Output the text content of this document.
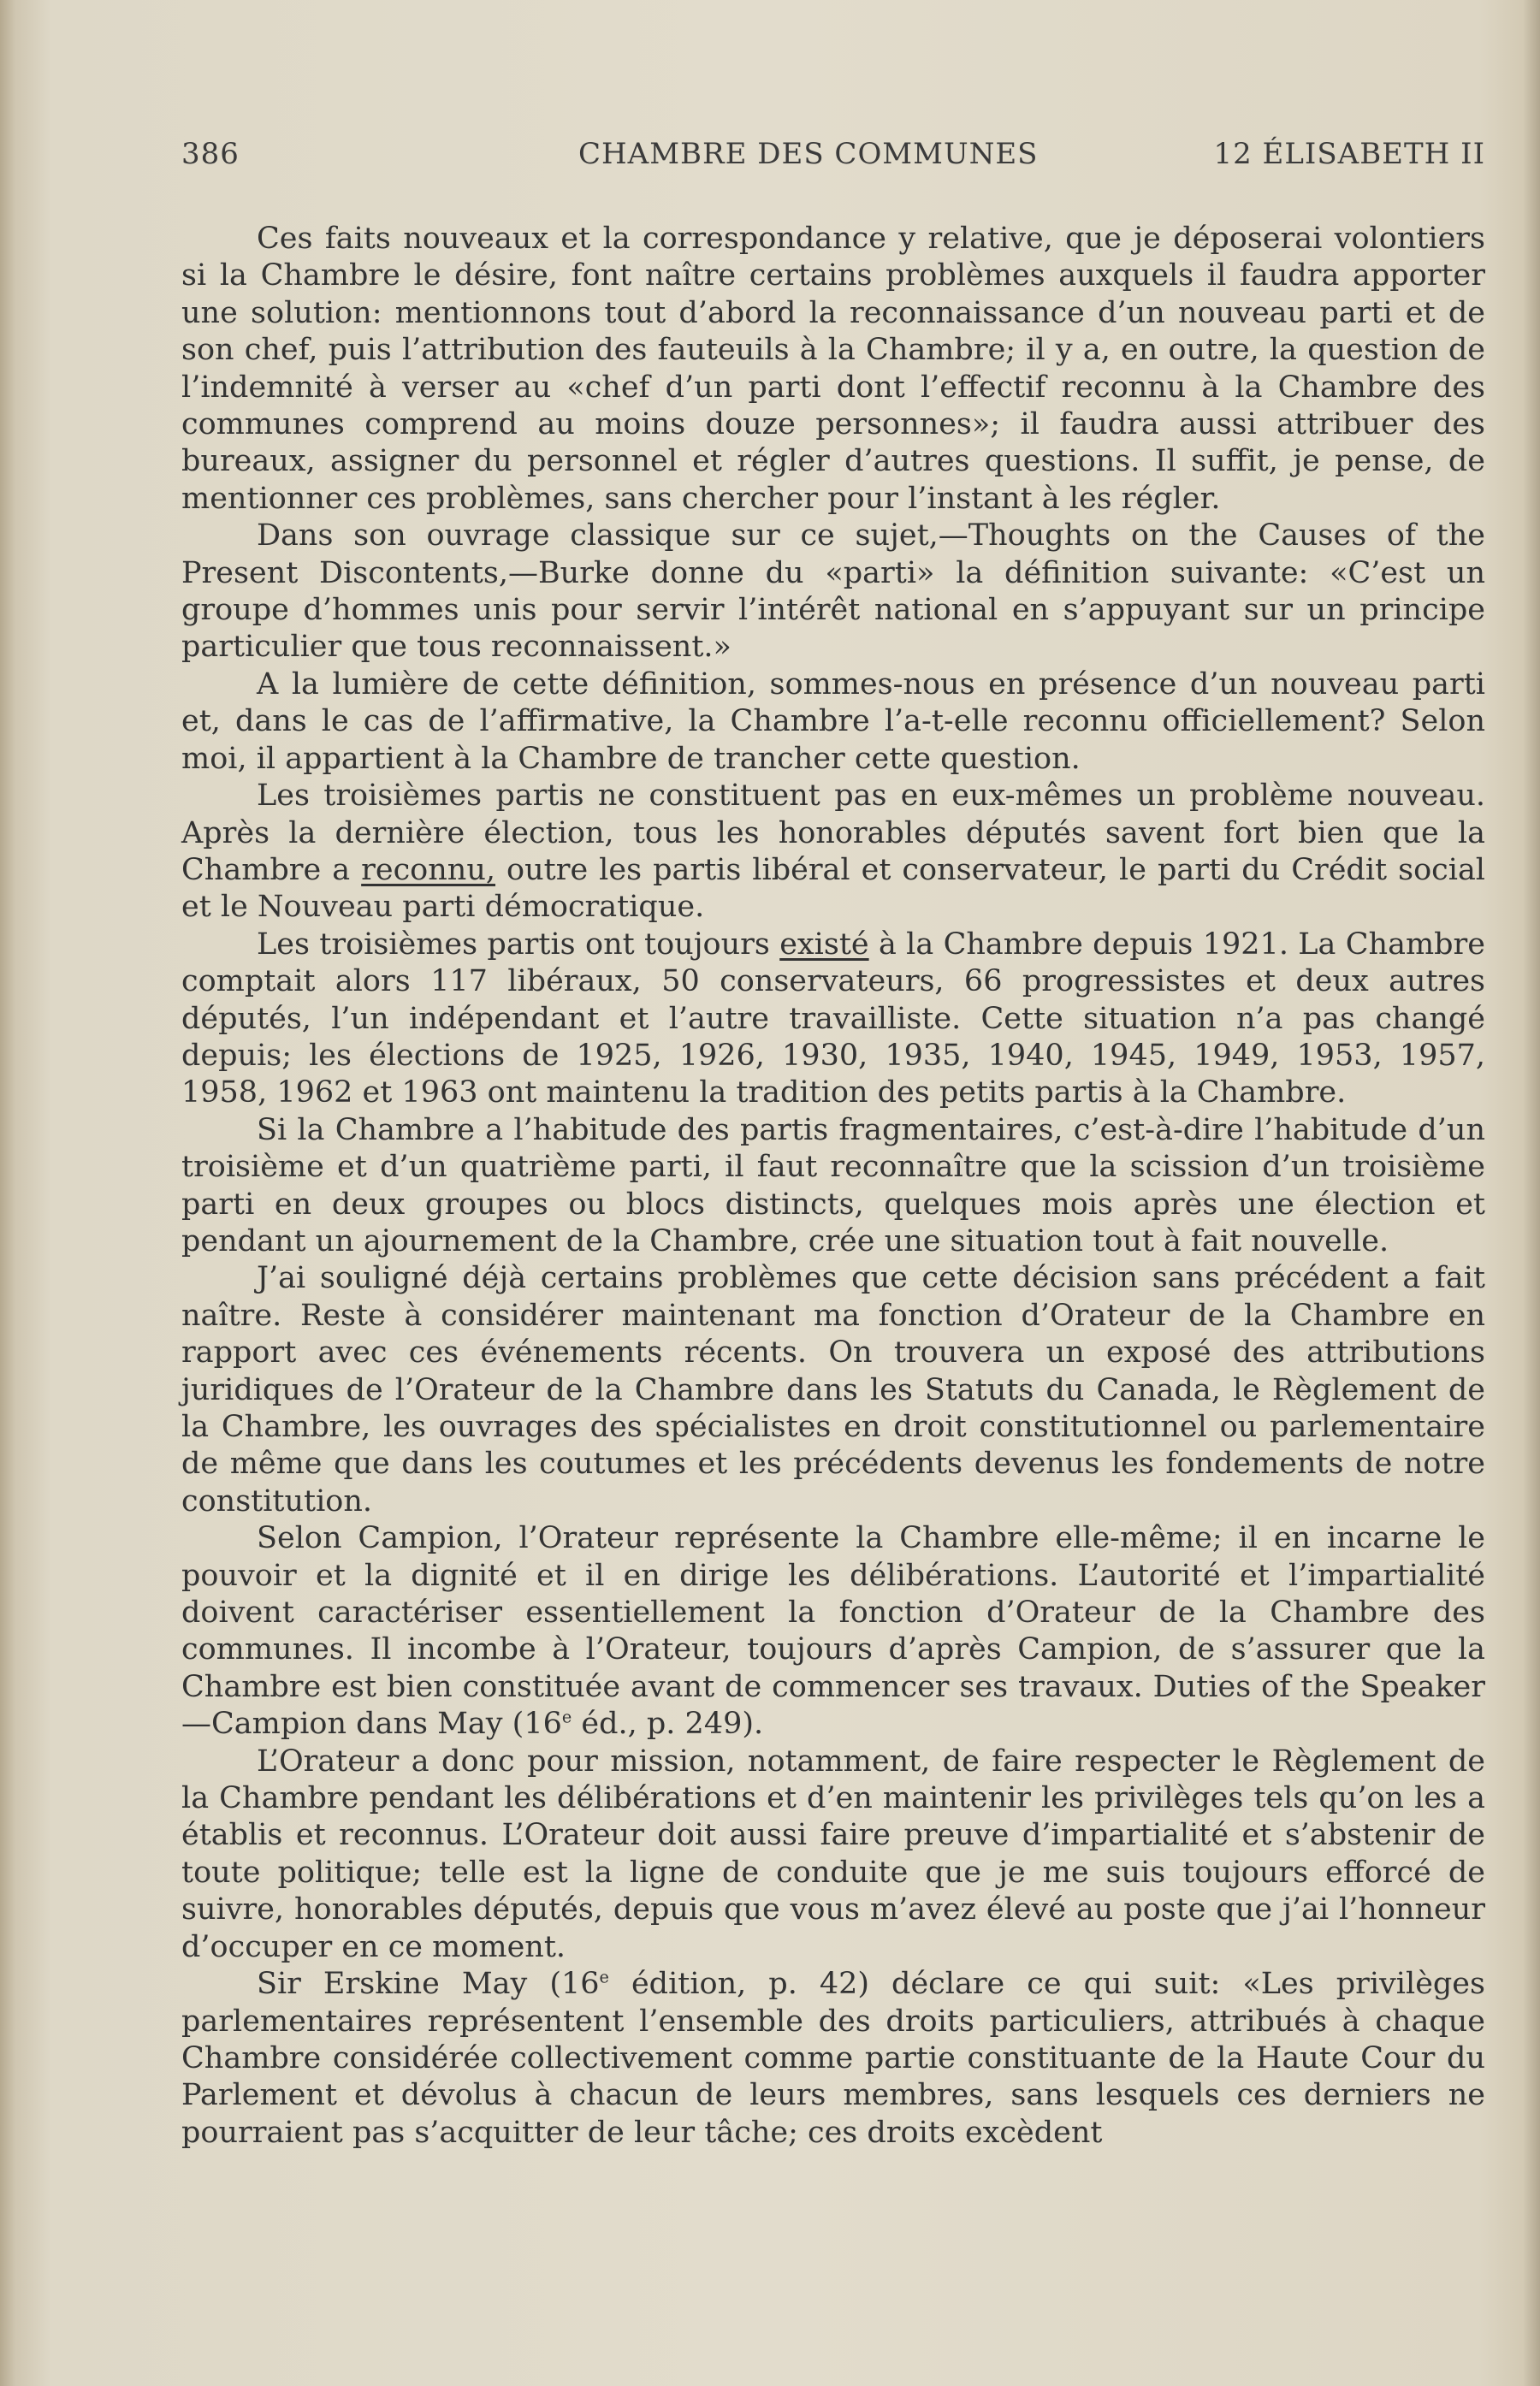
386	CHAMBRE DES COMMUNES	12 ÉLISABETH II

Ces faits nouveaux et la correspondance y relative, que je déposerai volontiers si la Chambre le désire, font naître certains problèmes auxquels il faudra apporter une solution: mentionnons tout d’abord la reconnaissance d’un nouveau parti et de son chef, puis l’attribution des fauteuils à la Chambre; il y a, en outre, la question de l’indemnité à verser au «chef d’un parti dont l’effectif reconnu à la Chambre des communes comprend au moins douze personnes»; il faudra aussi attribuer des bureaux, assigner du personnel et régler d’autres questions. Il suffit, je pense, de mentionner ces problèmes, sans chercher pour l’instant à les régler.

Dans son ouvrage classique sur ce sujet,—Thoughts on the Causes of the Present Discontents,—Burke donne du «parti» la définition suivante: «C’est un groupe d’hommes unis pour servir l’intérêt national en s’appuyant sur un principe particulier que tous reconnaissent.»

A la lumière de cette définition, sommes-nous en présence d’un nouveau parti et, dans le cas de l’affirmative, la Chambre l’a-t-elle reconnu officiellement? Selon moi, il appartient à la Chambre de trancher cette question.

Les troisièmes partis ne constituent pas en eux-mêmes un problème nouveau. Après la dernière élection, tous les honorables députés savent fort bien que la Chambre a reconnu, outre les partis libéral et conservateur, le parti du Crédit social et le Nouveau parti démocratique.

Les troisièmes partis ont toujours existé à la Chambre depuis 1921. La Chambre comptait alors 117 libéraux, 50 conservateurs, 66 progressistes et deux autres députés, l’un indépendant et l’autre travailliste. Cette situation n’a pas changé depuis; les élections de 1925, 1926, 1930, 1935, 1940, 1945, 1949, 1953, 1957, 1958, 1962 et 1963 ont maintenu la tradition des petits partis à la Chambre.

Si la Chambre a l’habitude des partis fragmentaires, c’est-à-dire l’habitude d’un troisième et d’un quatrième parti, il faut reconnaître que la scission d’un troisième parti en deux groupes ou blocs distincts, quelques mois après une élection et pendant un ajournement de la Chambre, crée une situation tout à fait nouvelle.

J’ai souligné déjà certains problèmes que cette décision sans précédent a fait naître. Reste à considérer maintenant ma fonction d’Orateur de la Chambre en rapport avec ces événements récents. On trouvera un exposé des attributions juridiques de l’Orateur de la Chambre dans les Statuts du Canada, le Règlement de la Chambre, les ouvrages des spécialistes en droit constitutionnel ou parlementaire de même que dans les coutumes et les précédents devenus les fondements de notre constitution.

Selon Campion, l’Orateur représente la Chambre elle-même; il en incarne le pouvoir et la dignité et il en dirige les délibérations. L’autorité et l’impartialité doivent caractériser essentiellement la fonction d’Orateur de la Chambre des communes. Il incombe à l’Orateur, toujours d’après Campion, de s’assurer que la Chambre est bien constituée avant de commencer ses travaux. Duties of the Speaker—Campion dans May (16e éd., p. 249).

L’Orateur a donc pour mission, notamment, de faire respecter le Règlement de la Chambre pendant les délibérations et d’en maintenir les privilèges tels qu’on les a établis et reconnus. L’Orateur doit aussi faire preuve d’impartialité et s’abstenir de toute politique; telle est la ligne de conduite que je me suis toujours efforcé de suivre, honorables députés, depuis que vous m’avez élevé au poste que j’ai l’honneur d’occuper en ce moment.

Sir Erskine May (16e édition, p. 42) déclare ce qui suit: «Les privilèges parlementaires représentent l’ensemble des droits particuliers, attribués à chaque Chambre considérée collectivement comme partie constituante de la Haute Cour du Parlement et dévolus à chacun de leurs membres, sans lesquels ces derniers ne pourraient pas s’acquitter de leur tâche; ces droits excèdent
